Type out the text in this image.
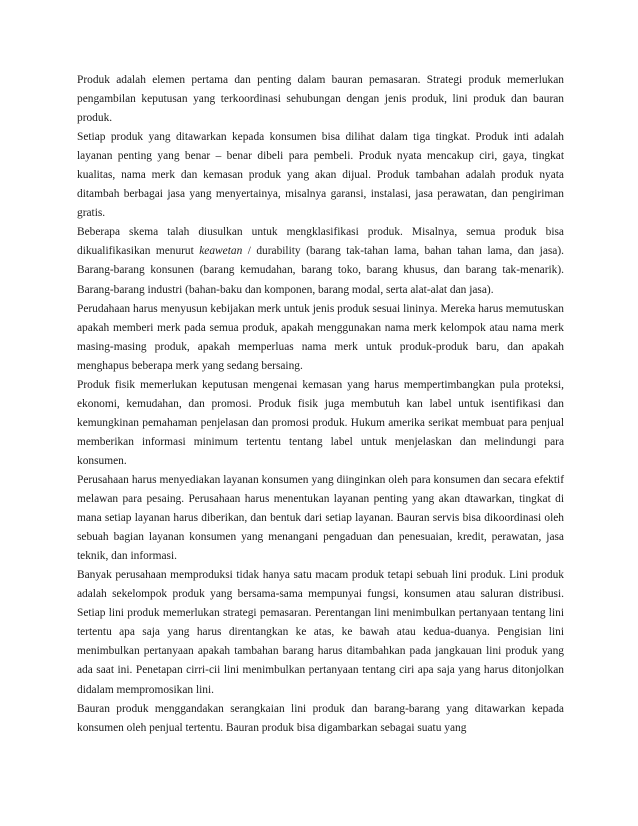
Produk adalah elemen pertama dan penting dalam bauran pemasaran. Strategi produk memerlukan pengambilan keputusan yang terkoordinasi sehubungan dengan jenis produk, lini produk dan bauran produk.

Setiap produk yang ditawarkan kepada konsumen bisa dilihat dalam tiga tingkat. Produk inti adalah layanan penting yang benar – benar dibeli para pembeli. Produk nyata mencakup ciri, gaya, tingkat kualitas, nama merk dan kemasan produk yang akan dijual. Produk tambahan adalah produk nyata ditambah berbagai jasa yang menyertainya, misalnya garansi, instalasi, jasa perawatan, dan pengiriman gratis.

Beberapa skema talah diusulkan untuk mengklasifikasi produk. Misalnya, semua produk bisa dikualifikasikan menurut keawetan / durability (barang tak-tahan lama, bahan tahan lama, dan jasa). Barang-barang konsunen (barang kemudahan, barang toko, barang khusus, dan barang tak-menarik). Barang-barang industri (bahan-baku dan komponen, barang modal, serta alat-alat dan jasa).

Perudahaan harus menyusun kebijakan merk untuk jenis produk sesuai lininya. Mereka harus memutuskan apakah memberi merk pada semua produk, apakah menggunakan nama merk kelompok atau nama merk masing-masing produk, apakah memperluas nama merk untuk produk-produk baru, dan apakah menghapus beberapa merk yang sedang bersaing.

Produk fisik memerlukan keputusan mengenai kemasan yang harus mempertimbangkan pula proteksi, ekonomi, kemudahan, dan promosi. Produk fisik juga membutuh kan label untuk isentifikasi dan kemungkinan pemahaman penjelasan dan promosi produk. Hukum amerika serikat membuat para penjual memberikan informasi minimum tertentu tentang label untuk menjelaskan dan melindungi para konsumen.

Perusahaan harus menyediakan layanan konsumen yang diinginkan oleh para konsumen dan secara efektif melawan para pesaing. Perusahaan harus menentukan layanan penting yang akan dtawarkan, tingkat di mana setiap layanan harus diberikan, dan bentuk dari setiap layanan. Bauran servis bisa dikoordinasi oleh sebuah bagian layanan konsumen yang menangani pengaduan dan penesuaian, kredit, perawatan, jasa teknik, dan informasi.

Banyak perusahaan memproduksi tidak hanya satu macam produk tetapi sebuah lini produk. Lini produk adalah sekelompok produk yang bersama-sama mempunyai fungsi, konsumen atau saluran distribusi. Setiap lini produk memerlukan strategi pemasaran. Perentangan lini menimbulkan pertanyaan tentang lini tertentu apa saja yang harus direntangkan ke atas, ke bawah atau kedua-duanya. Pengisian lini menimbulkan pertanyaan apakah tambahan barang harus ditambahkan pada jangkauan lini produk yang ada saat ini. Penetapan cirri-cii lini menimbulkan pertanyaan tentang ciri apa saja yang harus ditonjolkan didalam mempromosikan lini.

Bauran produk menggandakan serangkaian lini produk dan barang-barang yang ditawarkan kepada konsumen oleh penjual tertentu. Bauran produk bisa digambarkan sebagai suatu yang
